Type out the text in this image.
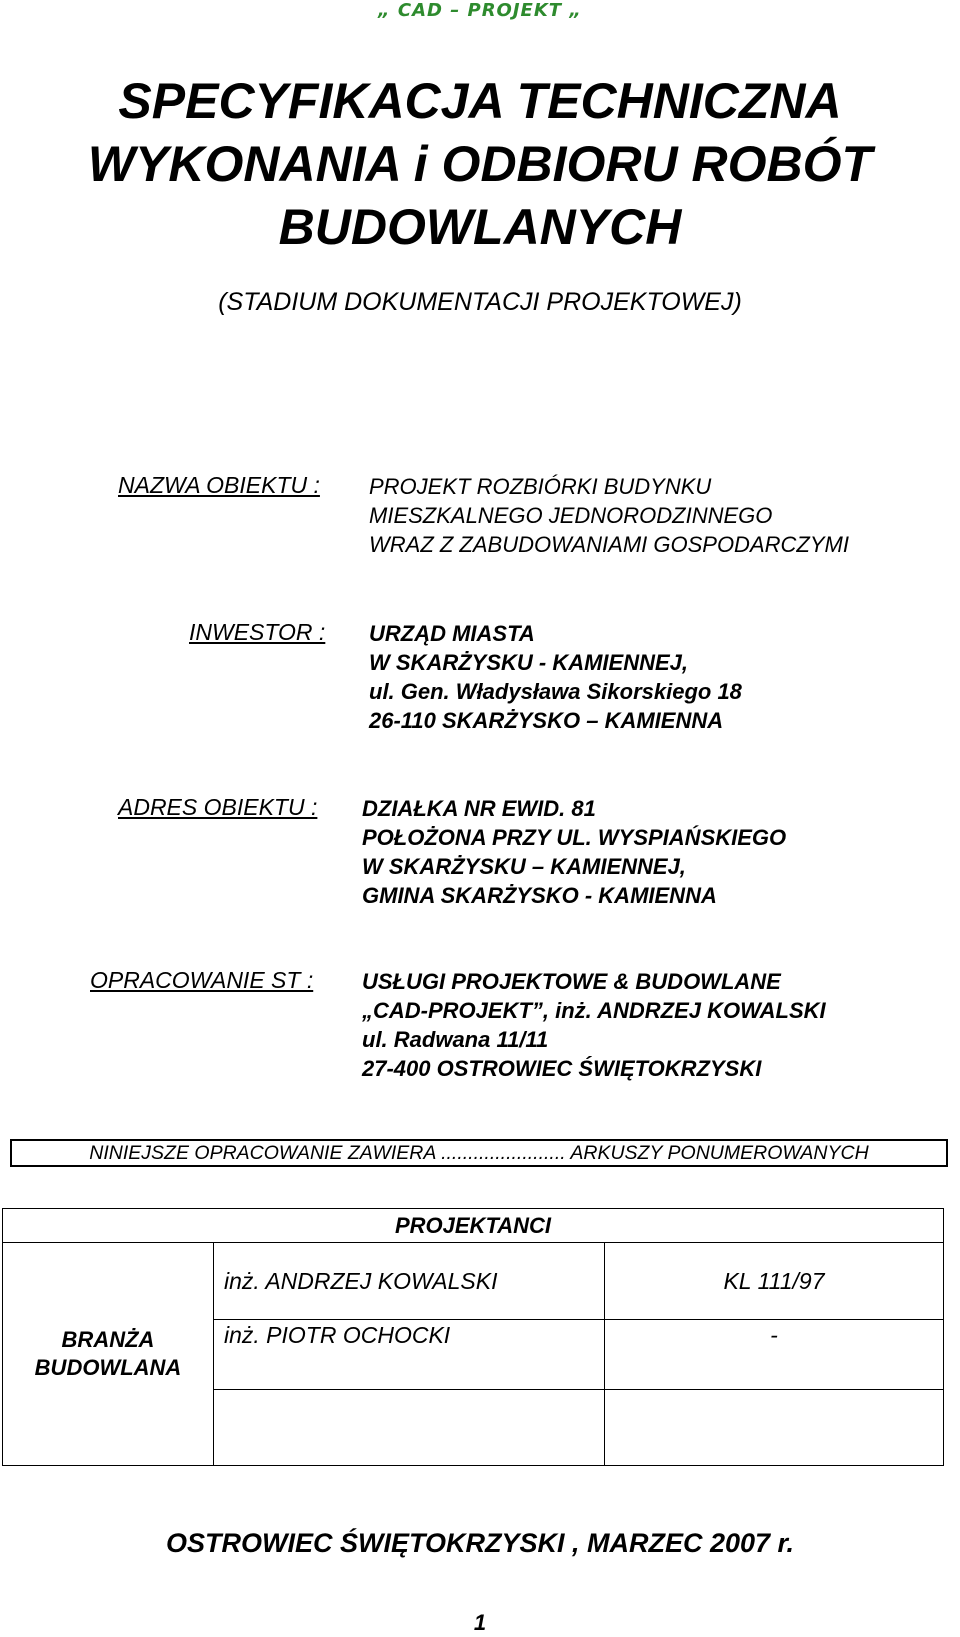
„ CAD – PROJEKT „
SPECYFIKACJA TECHNICZNA
WYKONANIA i ODBIORU ROBÓT
BUDOWLANYCH
(STADIUM DOKUMENTACJI PROJEKTOWEJ)
NAZWA OBIEKTU : PROJEKT ROZBIÓRKI BUDYNKU
MIESZKALNEGO JEDNORODZINNEGO
WRAZ Z ZABUDOWANIAMI GOSPODARCZYMI
INWESTOR : URZĄD MIASTA
W SKARŻYSKU - KAMIENNEJ,
ul. Gen. Władysława Sikorskiego 18
26-110 SKARŻYSKO – KAMIENNA
ADRES OBIEKTU : DZIAŁKA NR EWID. 81
POŁOŻONA PRZY UL. WYSPIAŃSKIEGO
W SKARŻYSKU – KAMIENNEJ,
GMINA SKARŻYSKO - KAMIENNA
OPRACOWANIE ST : USŁUGI PROJEKTOWE & BUDOWLANE
„CAD-PROJEKT”, inż. ANDRZEJ KOWALSKI
ul. Radwana 11/11
27-400 OSTROWIEC ŚWIĘTOKRZYSKI
NINIEJSZE OPRACOWANIE ZAWIERA ....................... ARKUSZY PONUMEROWANYCH
PROJEKTANCI		
BRANŻA
BUDOWLANA	inż. ANDRZEJ KOWALSKI	KL 111/97
	inż. PIOTR OCHOCKI	-

OSTROWIEC ŚWIĘTOKRZYSKI , MARZEC 2007 r.
1
